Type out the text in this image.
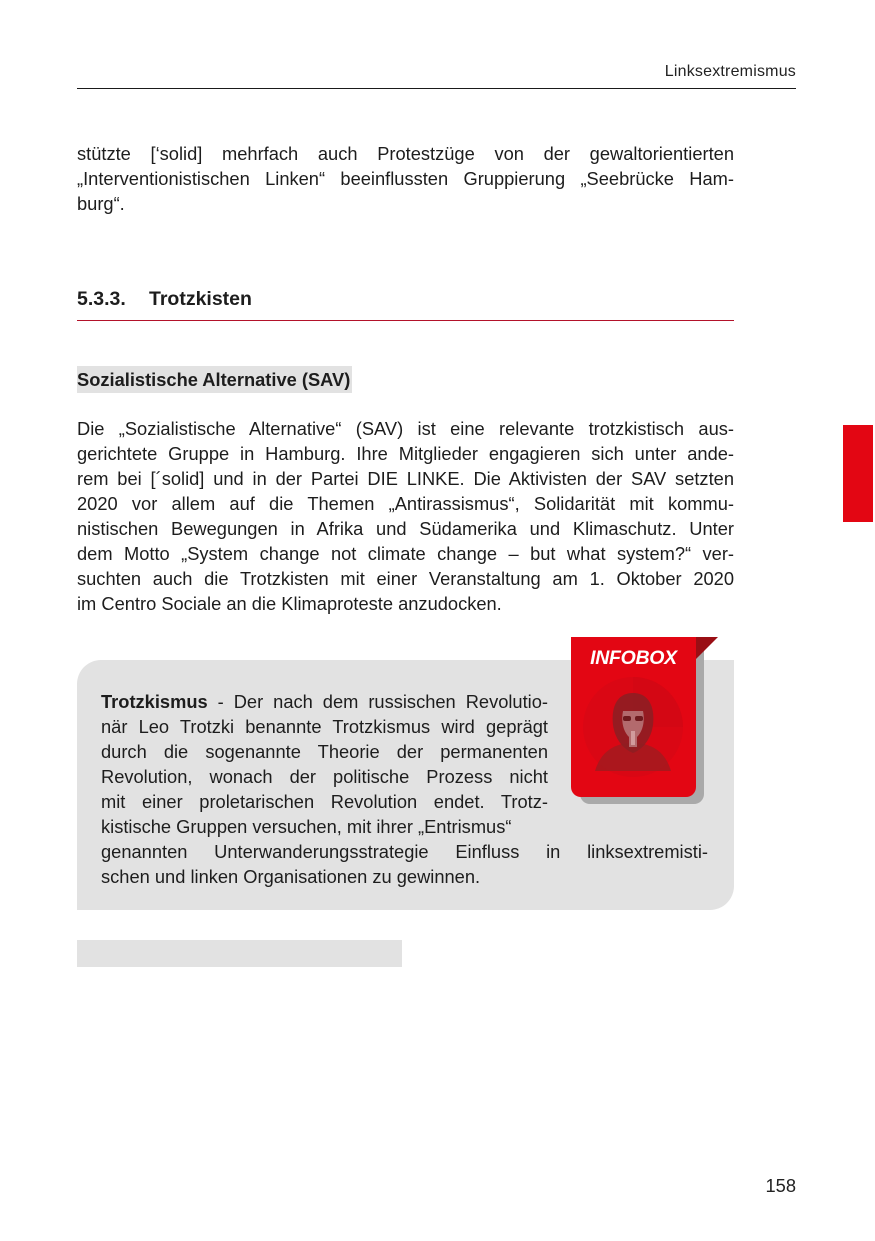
Linksextremismus
stützte [‘solid] mehrfach auch Protestzüge von der gewaltorientierten
„Interventionistischen Linken“ beeinflussten Gruppierung „Seebrücke Ham-
burg“.
5.3.3. Trotzkisten
Sozialistische Alternative (SAV)
Die „Sozialistische Alternative“ (SAV) ist eine relevante trotzkistisch aus-
gerichtete Gruppe in Hamburg. Ihre Mitglieder engagieren sich unter ande-
rem bei [´solid] und in der Partei DIE LINKE. Die Aktivisten der SAV setzten
2020 vor allem auf die Themen „Antirassismus“, Solidarität mit kommu-
nistischen Bewegungen in Afrika und Südamerika und Klimaschutz. Unter
dem Motto „System change not climate change – but what system?“ ver-
suchten auch die Trotzkisten mit einer Veranstaltung am 1. Oktober 2020
im Centro Sociale an die Klimaproteste anzudocken.
Trotzkismus - Der nach dem russischen Revolutio-
när Leo Trotzki benannte Trotzkismus wird geprägt
durch die sogenannte Theorie der permanenten
Revolution, wonach der politische Prozess nicht
mit einer proletarischen Revolution endet. Trotz-
kistische Gruppen versuchen, mit ihrer „Entrismus“
genannten Unterwanderungsstrategie Einfluss in linksextremisti-
schen und linken Organisationen zu gewinnen.
INFOBOX
158
